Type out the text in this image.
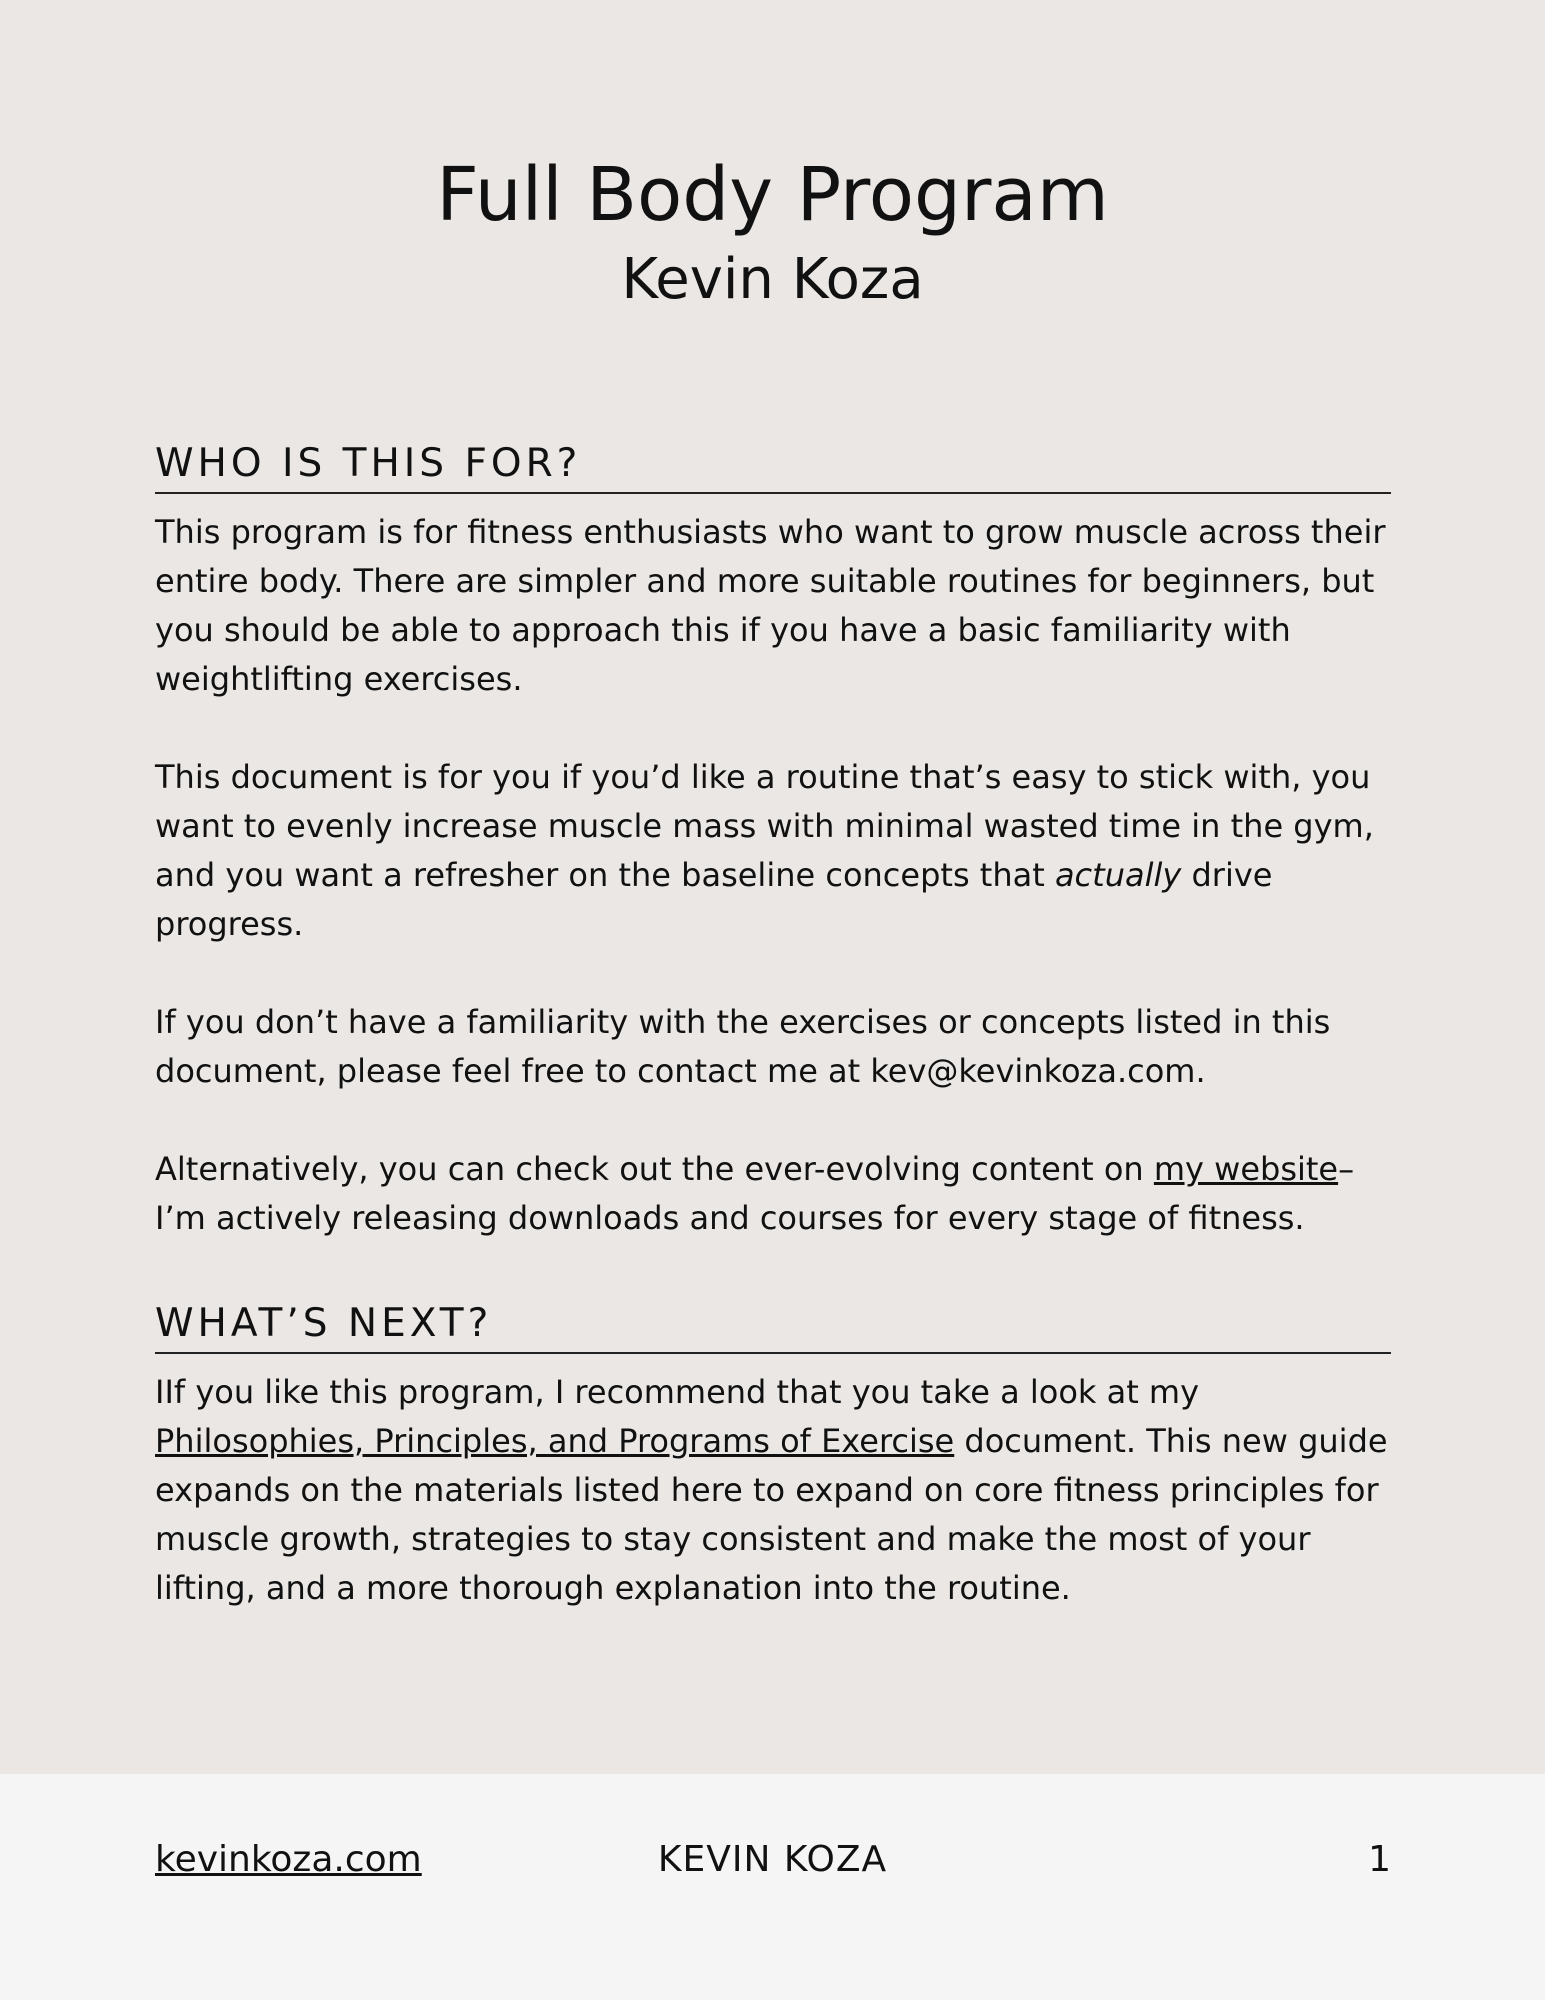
Full Body Program
Kevin Koza
WHO IS THIS FOR?

This program is for fitness enthusiasts who want to grow muscle across their entire body. There are simpler and more suitable routines for beginners, but you should be able to approach this if you have a basic familiarity with weightlifting exercises.

This document is for you if you’d like a routine that’s easy to stick with, you want to evenly increase muscle mass with minimal wasted time in the gym, and you want a refresher on the baseline concepts that actually drive progress.

If you don’t have a familiarity with the exercises or concepts listed in this document, please feel free to contact me at kev@kevinkoza.com.

Alternatively, you can check out the ever-evolving content on my website–I’m actively releasing downloads and courses for every stage of fitness.

WHAT’S NEXT?

IIf you like this program, I recommend that you take a look at my Philosophies, Principles, and Programs of Exercise document. This new guide expands on the materials listed here to expand on core fitness principles for muscle growth, strategies to stay consistent and make the most of your lifting, and a more thorough explanation into the routine.

kevinkoza.com	KEVIN KOZA	1
